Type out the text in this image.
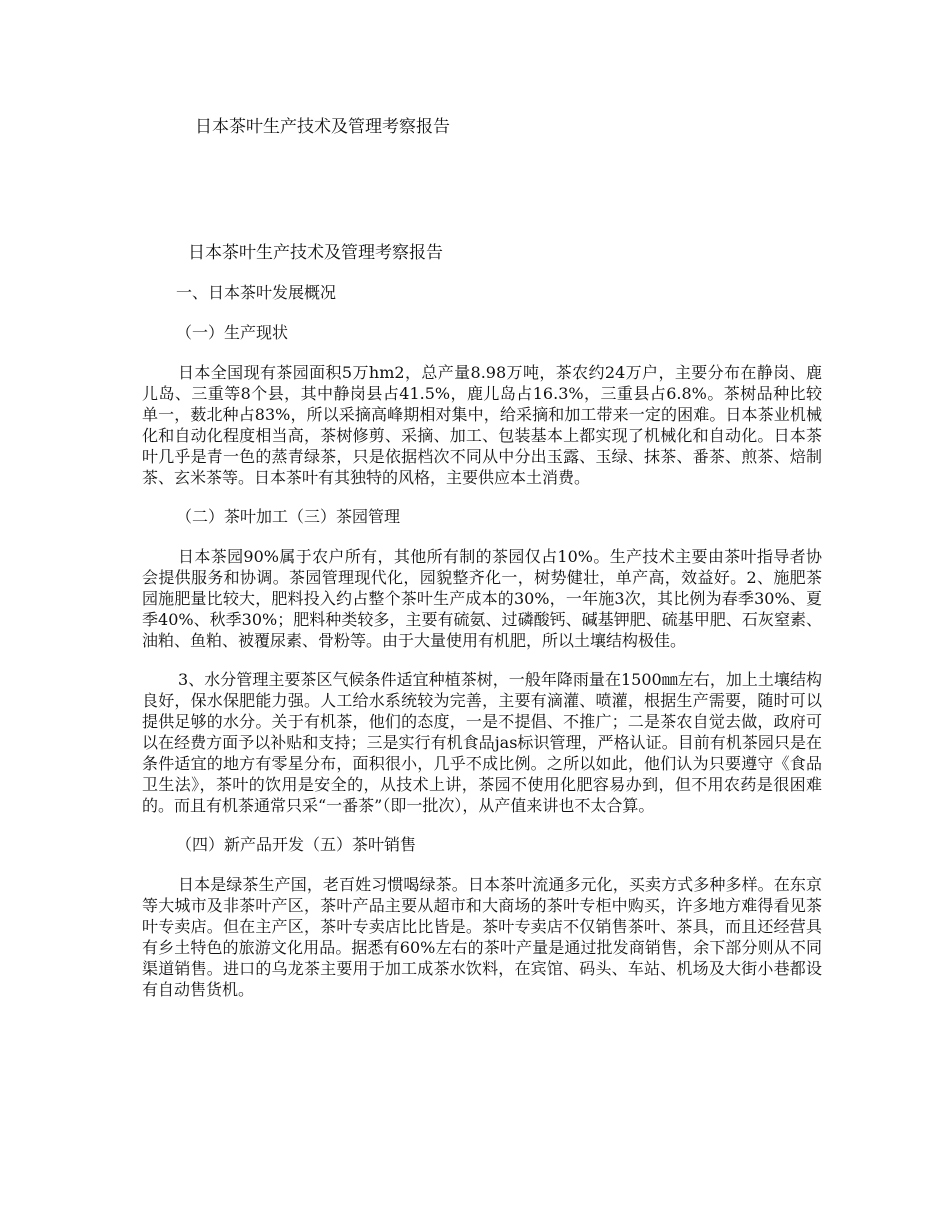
日本茶叶生产技术及管理考察报告
日本茶叶生产技术及管理考察报告
一、日本茶叶发展概况
（一）生产现状

日本全国现有茶园面积5万hm2，总产量8.98万吨，茶农约24万户，主要分布在静岗、鹿儿岛、三重等8个县，其中静岗县占41.5%，鹿儿岛占16.3%，三重县占6.8%。茶树品种比较单一，薮北种占83%，所以采摘高峰期相对集中，给采摘和加工带来一定的困难。日本茶业机械化和自动化程度相当高，茶树修剪、采摘、加工、包装基本上都实现了机械化和自动化。日本茶叶几乎是青一色的蒸青绿茶，只是依据档次不同从中分出玉露、玉绿、抹茶、番茶、煎茶、焙制茶、玄米茶等。日本茶叶有其独特的风格，主要供应本土消费。

（二）茶叶加工（三）茶园管理

日本茶园90%属于农户所有，其他所有制的茶园仅占10%。生产技术主要由茶叶指导者协会提供服务和协调。茶园管理现代化，园貌整齐化一，树势健壮，单产高，效益好。2、施肥茶园施肥量比较大，肥料投入约占整个茶叶生产成本的30%，一年施3次，其比例为春季30%、夏季40%、秋季30%；肥料种类较多，主要有硫氨、过磷酸钙、碱基钾肥、硫基甲肥、石灰窒素、油粕、鱼粕、被覆尿素、骨粉等。由于大量使用有机肥，所以土壤结构极佳。

3、水分管理主要茶区气候条件适宜种植茶树，一般年降雨量在1500㎜左右，加上土壤结构良好，保水保肥能力强。人工给水系统较为完善，主要有滴灌、喷灌，根据生产需要，随时可以提供足够的水分。关于有机茶，他们的态度，一是不提倡、不推广；二是茶农自觉去做，政府可以在经费方面予以补贴和支持；三是实行有机食品jas标识管理，严格认证。目前有机茶园只是在条件适宜的地方有零星分布，面积很小，几乎不成比例。之所以如此，他们认为只要遵守《食品卫生法》，茶叶的饮用是安全的，从技术上讲，茶园不使用化肥容易办到，但不用农药是很困难的。而且有机茶通常只采“一番茶”（即一批次），从产值来讲也不太合算。

（四）新产品开发（五）茶叶销售

日本是绿茶生产国，老百姓习惯喝绿茶。日本茶叶流通多元化，买卖方式多种多样。在东京等大城市及非茶叶产区，茶叶产品主要从超市和大商场的茶叶专柜中购买，许多地方难得看见茶叶专卖店。但在主产区，茶叶专卖店比比皆是。茶叶专卖店不仅销售茶叶、茶具，而且还经营具有乡土特色的旅游文化用品。据悉有60%左右的茶叶产量是通过批发商销售，余下部分则从不同渠道销售。进口的乌龙茶主要用于加工成茶水饮料，在宾馆、码头、车站、机场及大街小巷都设有自动售货机。
